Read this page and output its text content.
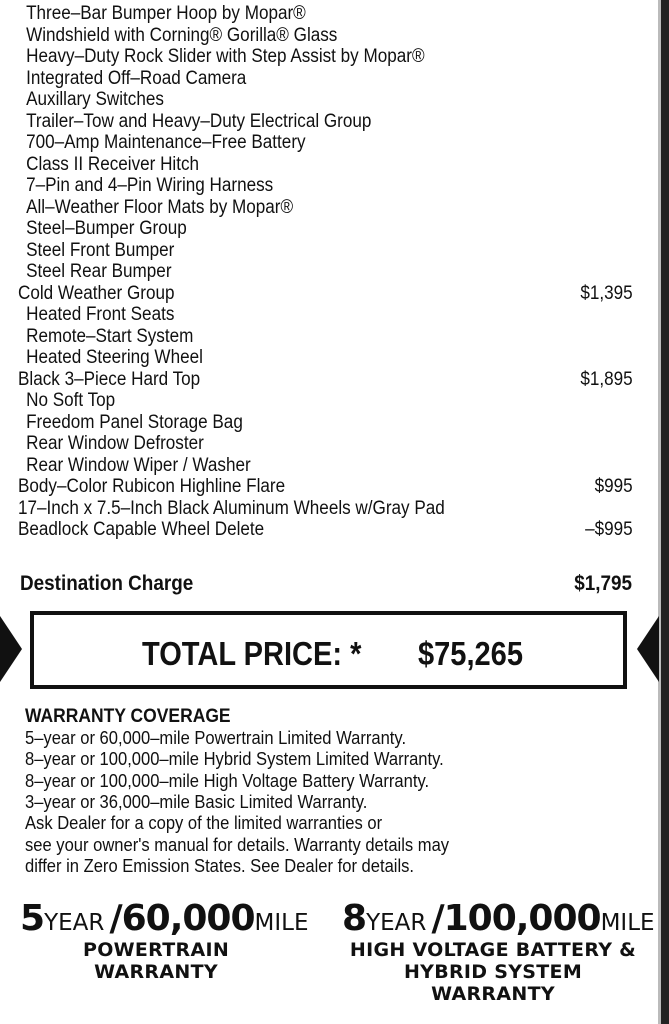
Three–Bar Bumper Hoop by Mopar®
Windshield with Corning® Gorilla® Glass
Heavy–Duty Rock Slider with Step Assist by Mopar®
Integrated Off–Road Camera
Auxillary Switches
Trailer–Tow and Heavy–Duty Electrical Group
700–Amp Maintenance–Free Battery
Class II Receiver Hitch
7–Pin and 4–Pin Wiring Harness
All–Weather Floor Mats by Mopar®
Steel–Bumper Group
Steel Front Bumper
Steel Rear Bumper
Cold Weather Group	$1,395
Heated Front Seats
Remote–Start System
Heated Steering Wheel
Black 3–Piece Hard Top	$1,895
No Soft Top
Freedom Panel Storage Bag
Rear Window Defroster
Rear Window Wiper / Washer
Body–Color Rubicon Highline Flare	$995
17–Inch x 7.5–Inch Black Aluminum Wheels w/Gray Pad
Beadlock Capable Wheel Delete	–$995
Destination Charge	$1,795
TOTAL PRICE: * $75,265
WARRANTY COVERAGE
5–year or 60,000–mile Powertrain Limited Warranty.
8–year or 100,000–mile Hybrid System Limited Warranty.
8–year or 100,000–mile High Voltage Battery Warranty.
3–year or 36,000–mile Basic Limited Warranty.
Ask Dealer for a copy of the limited warranties or
see your owner's manual for details. Warranty details may
differ in Zero Emission States. See Dealer for details.
5YEAR /60,000MILE
POWERTRAIN WARRANTY
8YEAR /100,000MILE
HIGH VOLTAGE BATTERY &
HYBRID SYSTEM WARRANTY
